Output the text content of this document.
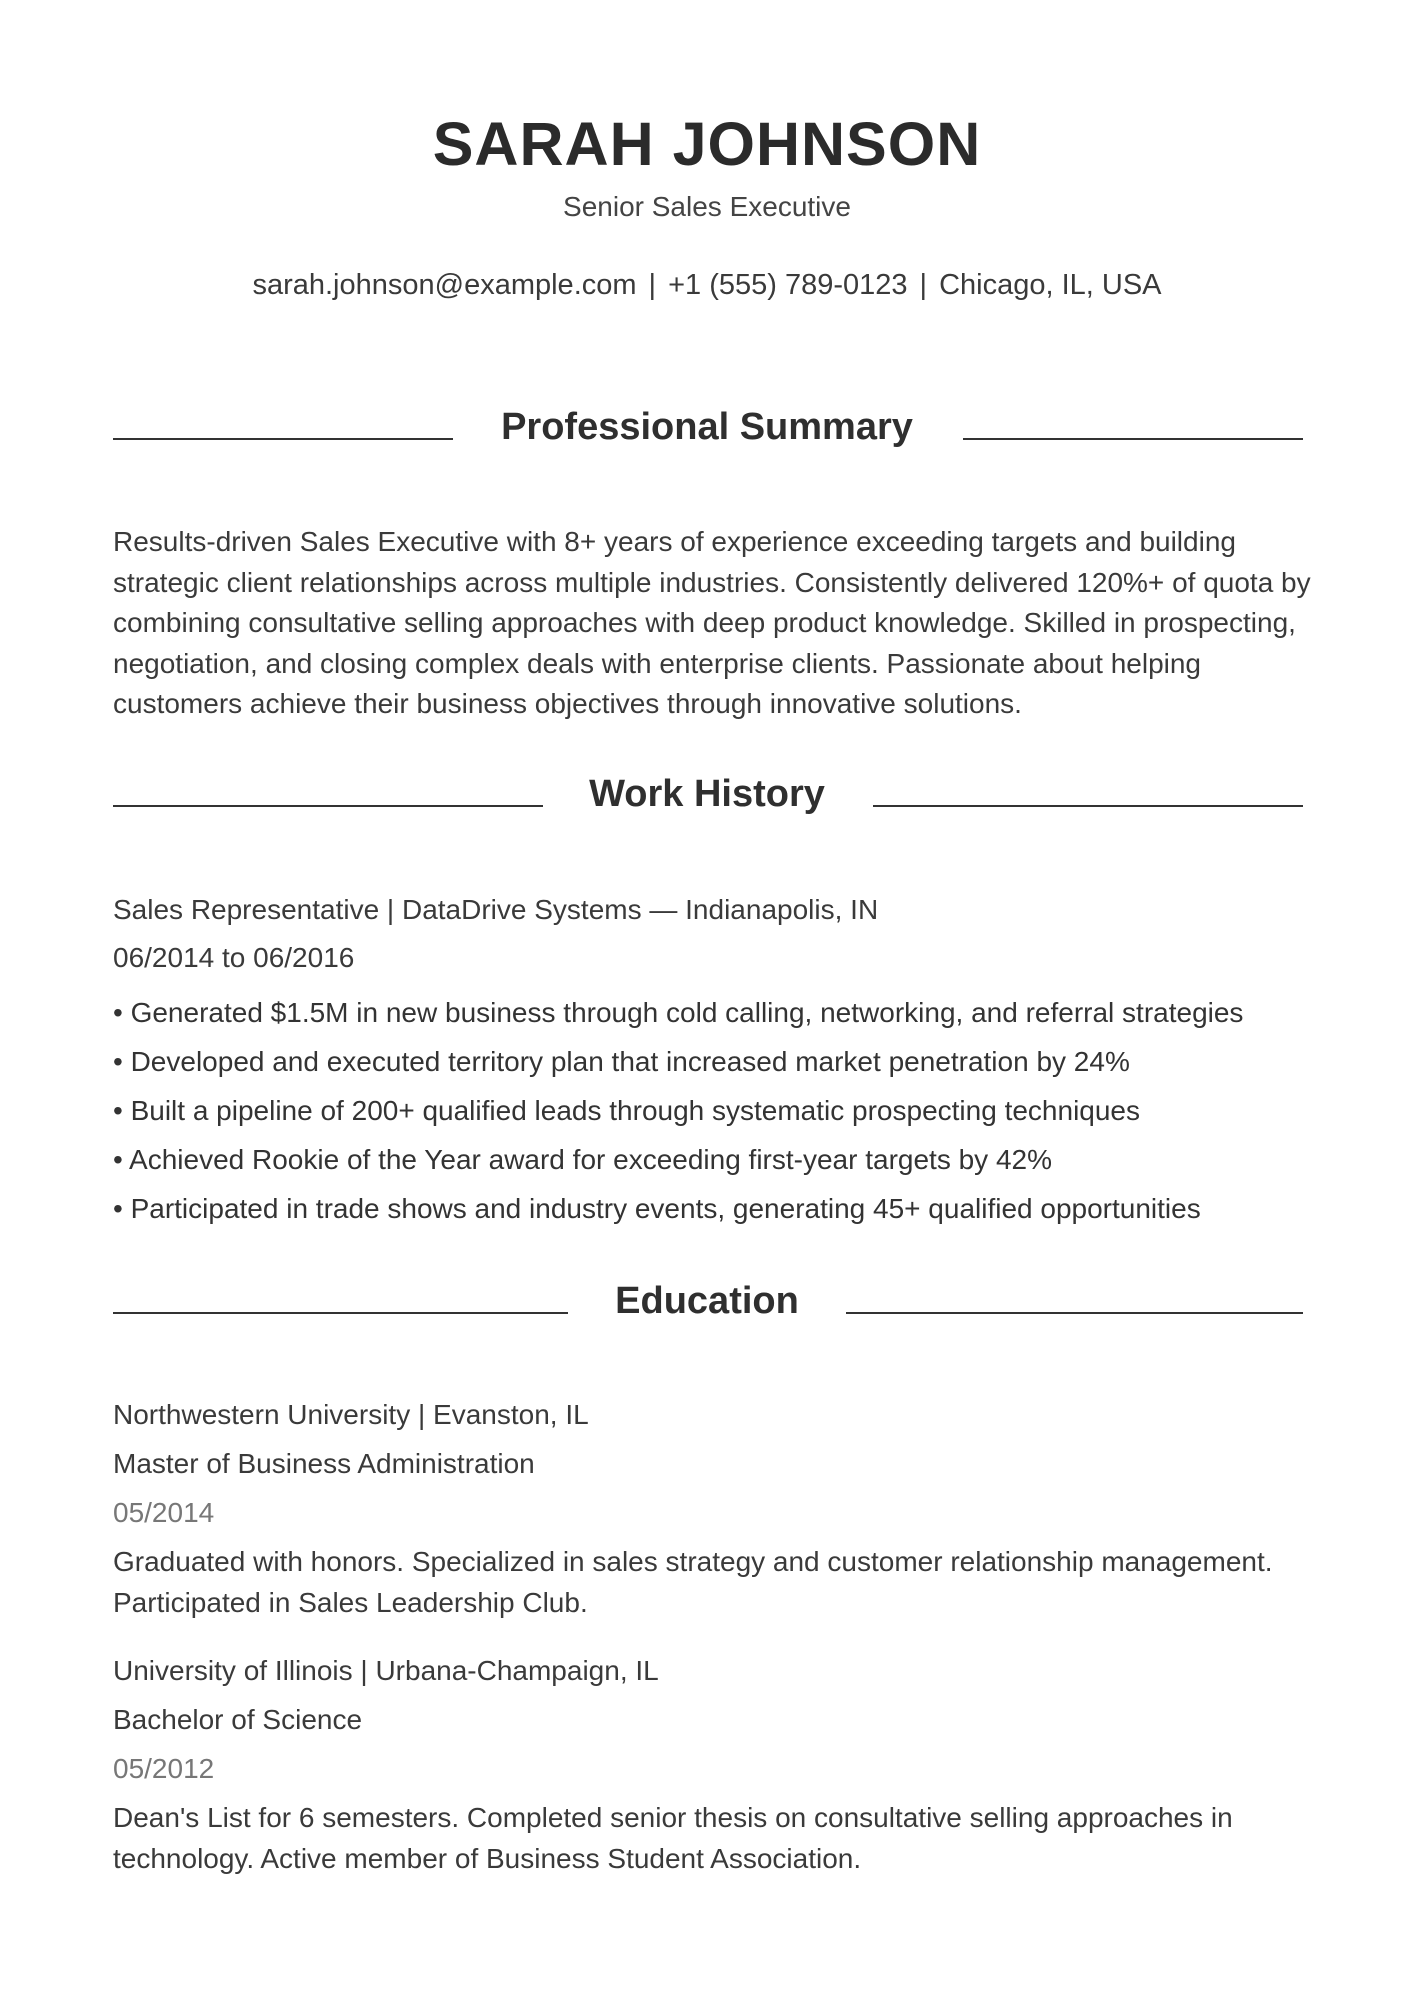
SARAH JOHNSON
Senior Sales Executive
sarah.johnson@example.com | +1 (555) 789-0123 | Chicago, IL, USA
Professional Summary

Results-driven Sales Executive with 8+ years of experience exceeding targets and building strategic client relationships across multiple industries. Consistently delivered 120%+ of quota by combining consultative selling approaches with deep product knowledge. Skilled in prospecting, negotiation, and closing complex deals with enterprise clients. Passionate about helping customers achieve their business objectives through innovative solutions.

Work History
Sales Representative | DataDrive Systems — Indianapolis, IN
06/2014 to 06/2016
• Generated $1.5M in new business through cold calling, networking, and referral strategies
• Developed and executed territory plan that increased market penetration by 24%
• Built a pipeline of 200+ qualified leads through systematic prospecting techniques
• Achieved Rookie of the Year award for exceeding first-year targets by 42%
• Participated in trade shows and industry events, generating 45+ qualified opportunities
Education
Northwestern University | Evanston, IL
Master of Business Administration
05/2014

Graduated with honors. Specialized in sales strategy and customer relationship management. Participated in Sales Leadership Club.

University of Illinois | Urbana-Champaign, IL
Bachelor of Science
05/2012

Dean's List for 6 semesters. Completed senior thesis on consultative selling approaches in technology. Active member of Business Student Association.
